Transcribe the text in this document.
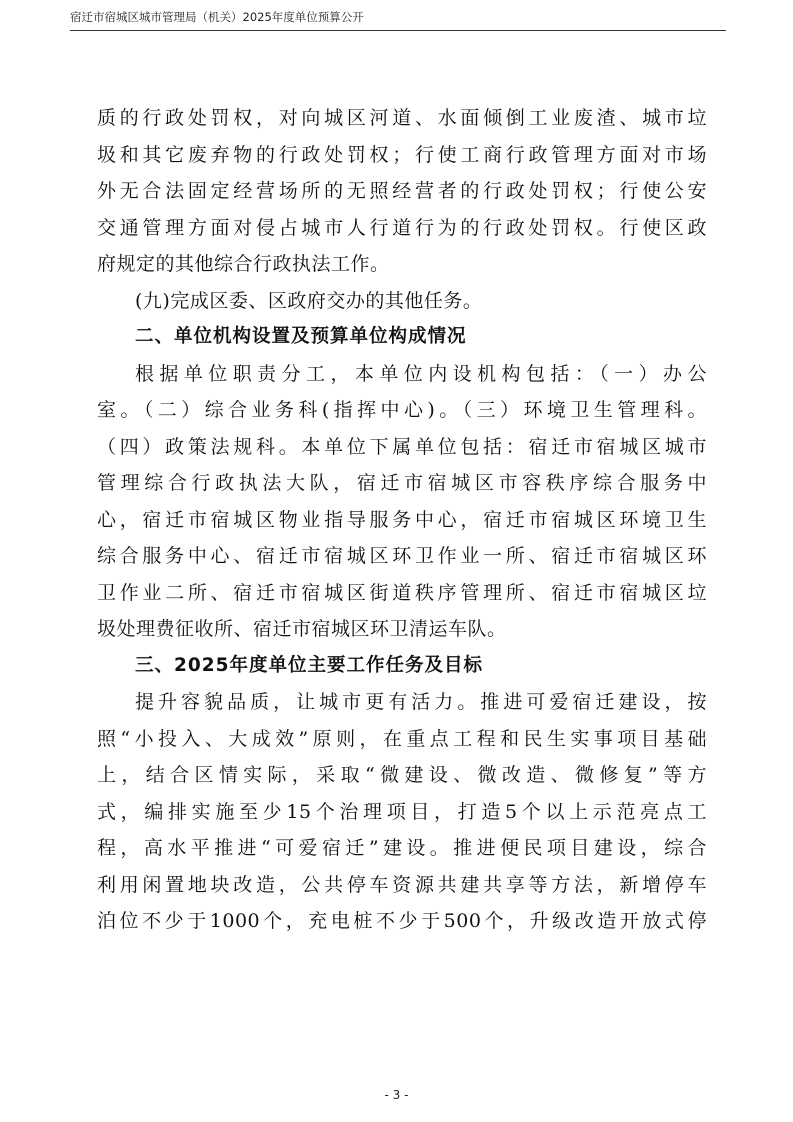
宿迁市宿城区城市管理局（机关）2025年度单位预算公开
质的行政处罚权，对向城区河道、水面倾倒工业废渣、城市垃
圾和其它废弃物的行政处罚权；行使工商行政管理方面对市场
外无合法固定经营场所的无照经营者的行政处罚权；行使公安
交通管理方面对侵占城市人行道行为的行政处罚权。行使区政
府规定的其他综合行政执法工作。
(九)完成区委、区政府交办的其他任务。
二、单位机构设置及预算单位构成情况
根据单位职责分工，本单位内设机构包括：（一）办公
室。（二）综合业务科(指挥中心)。（三）环境卫生管理科。
（四）政策法规科。本单位下属单位包括：宿迁市宿城区城市
管理综合行政执法大队，宿迁市宿城区市容秩序综合服务中
心，宿迁市宿城区物业指导服务中心，宿迁市宿城区环境卫生
综合服务中心、宿迁市宿城区环卫作业一所、宿迁市宿城区环
卫作业二所、宿迁市宿城区街道秩序管理所、宿迁市宿城区垃
圾处理费征收所、宿迁市宿城区环卫清运车队。
三、2025年度单位主要工作任务及目标
提升容貌品质，让城市更有活力。推进可爱宿迁建设，按
照“小投入、大成效”原则，在重点工程和民生实事项目基础
上，结合区情实际，采取“微建设、微改造、微修复”等方
式，编排实施至少15个治理项目，打造5个以上示范亮点工
程，高水平推进“可爱宿迁”建设。推进便民项目建设，综合
利用闲置地块改造，公共停车资源共建共享等方法，新增停车
泊位不少于1000个，充电桩不少于500个，升级改造开放式停
- 3 -
